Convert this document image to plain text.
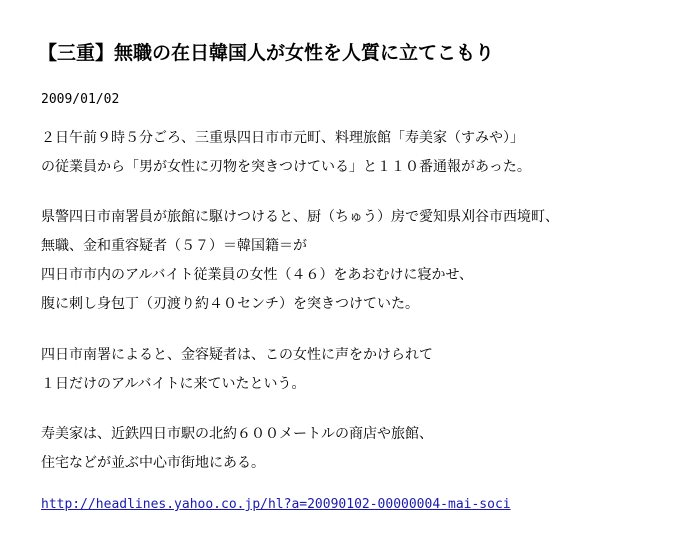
【三重】無職の在日韓国人が女性を人質に立てこもり
2009/01/02

２日午前９時５分ごろ、三重県四日市市元町、料理旅館「寿美家（すみや）」
の従業員から「男が女性に刃物を突きつけている」と１１０番通報があった。

県警四日市南署員が旅館に駆けつけると、厨（ちゅう）房で愛知県刈谷市西境町、
無職、金和重容疑者（５７）＝韓国籍＝が
四日市市内のアルバイト従業員の女性（４６）をあおむけに寝かせ、
腹に刺し身包丁（刃渡り約４０センチ）を突きつけていた。

四日市南署によると、金容疑者は、この女性に声をかけられて
１日だけのアルバイトに来ていたという。

寿美家は、近鉄四日市駅の北約６００メートルの商店や旅館、
住宅などが並ぶ中心市街地にある。

http://headlines.yahoo.co.jp/hl?a=20090102-00000004-mai-soci
